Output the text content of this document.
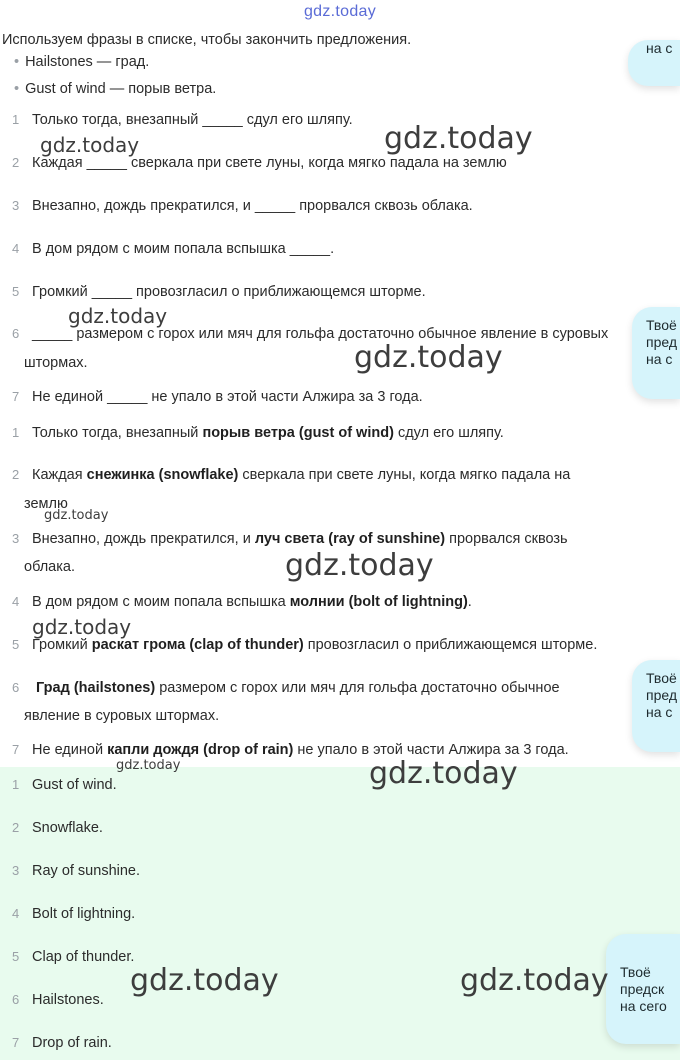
gdz.today
Используем фразы в списке, чтобы закончить предложения.
• Hailstones — град.
• Gust of wind — порыв ветра.
1 Только тогда, внезапный _____ сдул его шляпу.
2 Каждая _____ сверкала при свете луны, когда мягко падала на землю
3 Внезапно, дождь прекратился, и _____ прорвался сквозь облака.
4 В дом рядом с моим попала вспышка _____.
5 Громкий _____ провозгласил о приближающемся шторме.
6 _____ размером с горох или мяч для гольфа достаточно обычное явление в суровых
штормах.
7 Не единой _____ не упало в этой части Алжира за 3 года.
1 Только тогда, внезапный порыв ветра (gust of wind) сдул его шляпу.
2 Каждая снежинка (snowflake) сверкала при свете луны, когда мягко падала на
землю
3 Внезапно, дождь прекратился, и луч света (ray of sunshine) прорвался сквозь
облака.
4 В дом рядом с моим попала вспышка молнии (bolt of lightning).
5 Громкий раскат грома (clap of thunder) провозгласил о приближающемся шторме.
6 Град (hailstones) размером с горох или мяч для гольфа достаточно обычное
явление в суровых штормах.
7 Не единой капли дождя (drop of rain) не упало в этой части Алжира за 3 года.
1 Gust of wind.
2 Snowflake.
3 Ray of sunshine.
4 Bolt of lightning.
5 Clap of thunder.
6 Hailstones.
7 Drop of rain.
на с
Твоё
пред
на с
Твоё
пред
на с
Твоё
предск
на сего
gdz.today	gdz.today
gdz.today
gdz.today
gdz.today
gdz.today
gdz.today
gdz.today	gdz.today
gdz.today	gdz.today
